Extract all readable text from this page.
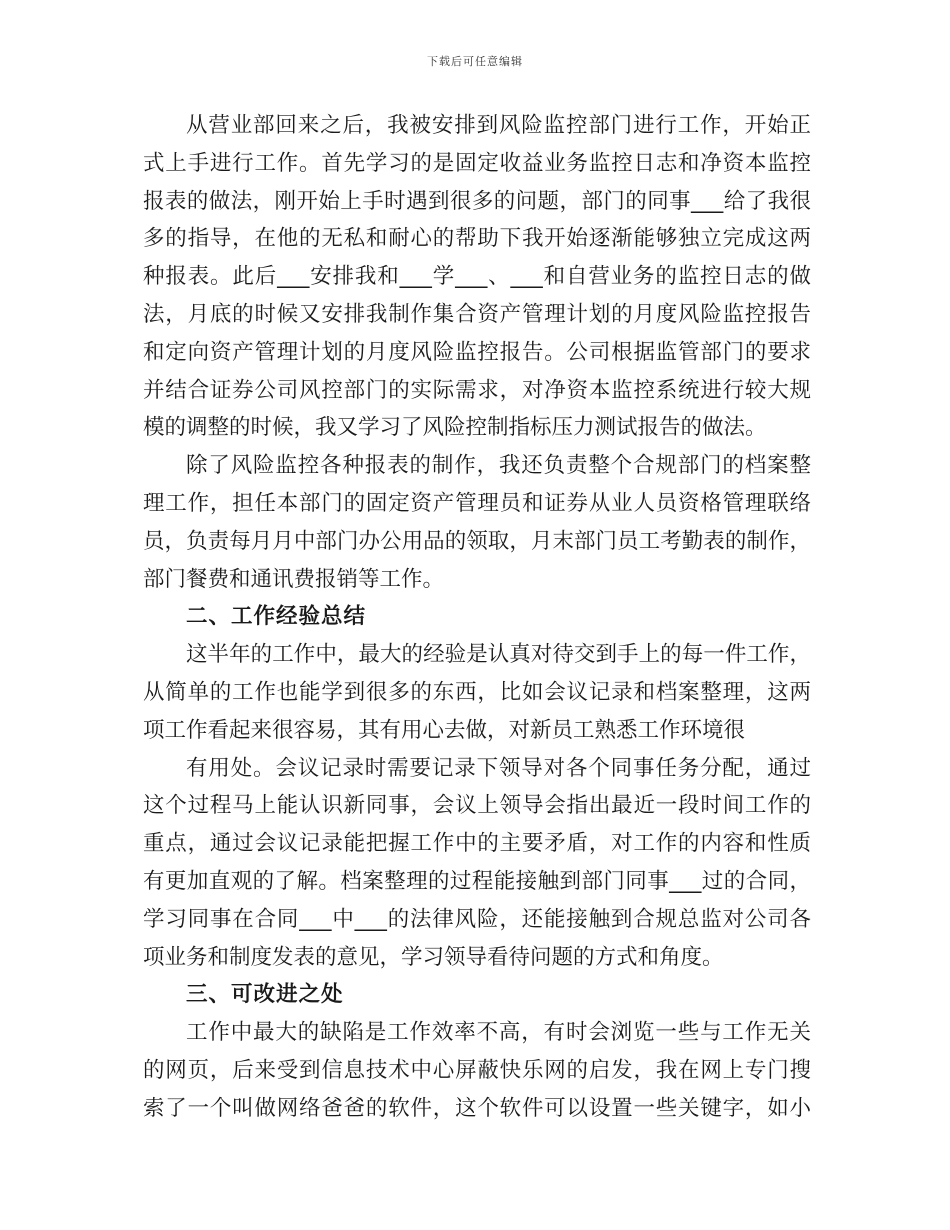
下载后可任意编辑
从营业部回来之后，我被安排到风险监控部门进行工作，开始正
式上手进行工作。首先学习的是固定收益业务监控日志和净资本监控
报表的做法，刚开始上手时遇到很多的问题，部门的同事___给了我很
多的指导，在他的无私和耐心的帮助下我开始逐渐能够独立完成这两
种报表。此后___安排我和___学___、___和自营业务的监控日志的做
法，月底的时候又安排我制作集合资产管理计划的月度风险监控报告
和定向资产管理计划的月度风险监控报告。公司根据监管部门的要求
并结合证券公司风控部门的实际需求，对净资本监控系统进行较大规
模的调整的时候，我又学习了风险控制指标压力测试报告的做法。
除了风险监控各种报表的制作，我还负责整个合规部门的档案整
理工作，担任本部门的固定资产管理员和证券从业人员资格管理联络
员，负责每月月中部门办公用品的领取，月末部门员工考勤表的制作，
部门餐费和通讯费报销等工作。
二、工作经验总结
这半年的工作中，最大的经验是认真对待交到手上的每一件工作，
从简单的工作也能学到很多的东西，比如会议记录和档案整理，这两
项工作看起来很容易，其有用心去做，对新员工熟悉工作环境很
有用处。会议记录时需要记录下领导对各个同事任务分配，通过
这个过程马上能认识新同事，会议上领导会指出最近一段时间工作的
重点，通过会议记录能把握工作中的主要矛盾，对工作的内容和性质
有更加直观的了解。档案整理的过程能接触到部门同事___过的合同，
学习同事在合同___中___的法律风险，还能接触到合规总监对公司各
项业务和制度发表的意见，学习领导看待问题的方式和角度。
三、可改进之处
工作中最大的缺陷是工作效率不高，有时会浏览一些与工作无关
的网页，后来受到信息技术中心屏蔽快乐网的启发，我在网上专门搜
索了一个叫做网络爸爸的软件，这个软件可以设置一些关键字，如小
